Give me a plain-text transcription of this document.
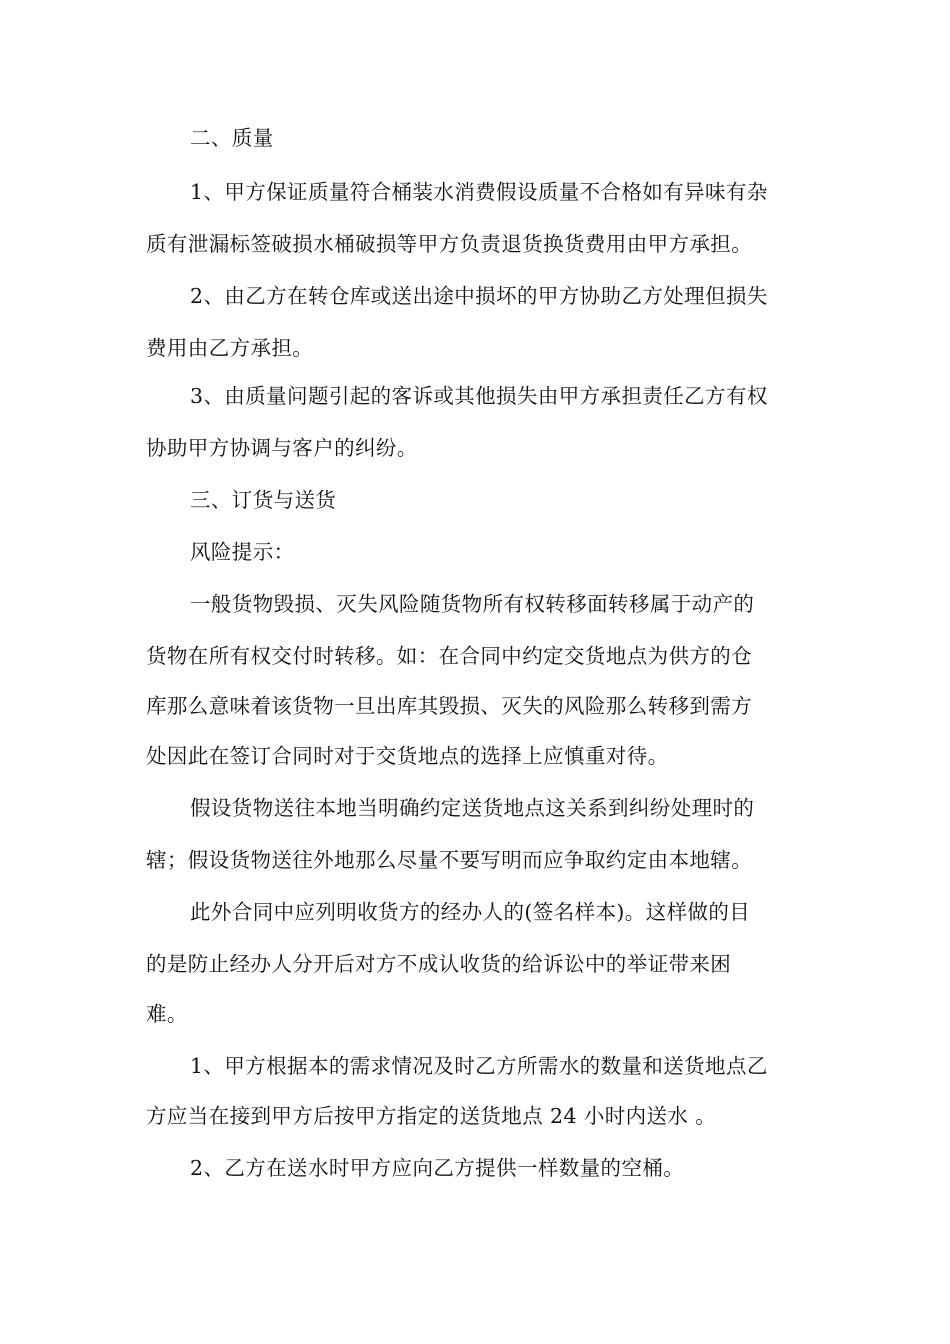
二、质量
1、甲方保证质量符合桶装水消费假设质量不合格如有异味有杂
质有泄漏标签破损水桶破损等甲方负责退货换货费用由甲方承担。
2、由乙方在转仓库或送出途中损坏的甲方协助乙方处理但损失
费用由乙方承担。
3、由质量问题引起的客诉或其他损失由甲方承担责任乙方有权
协助甲方协调与客户的纠纷。
三、订货与送货
风险提示：
一般货物毁损、灭失风险随货物所有权转移面转移属于动产的
货物在所有权交付时转移。如：在合同中约定交货地点为供方的仓
库那么意味着该货物一旦出库其毁损、灭失的风险那么转移到需方
处因此在签订合同时对于交货地点的选择上应慎重对待。
假设货物送往本地当明确约定送货地点这关系到纠纷处理时的
辖；假设货物送往外地那么尽量不要写明而应争取约定由本地辖。
此外合同中应列明收货方的经办人的(签名样本)。这样做的目
的是防止经办人分开后对方不成认收货的给诉讼中的举证带来困
难。
1、甲方根据本的需求情况及时乙方所需水的数量和送货地点乙
方应当在接到甲方后按甲方指定的送货地点 24 小时内送水 。
2、乙方在送水时甲方应向乙方提供一样数量的空桶。
